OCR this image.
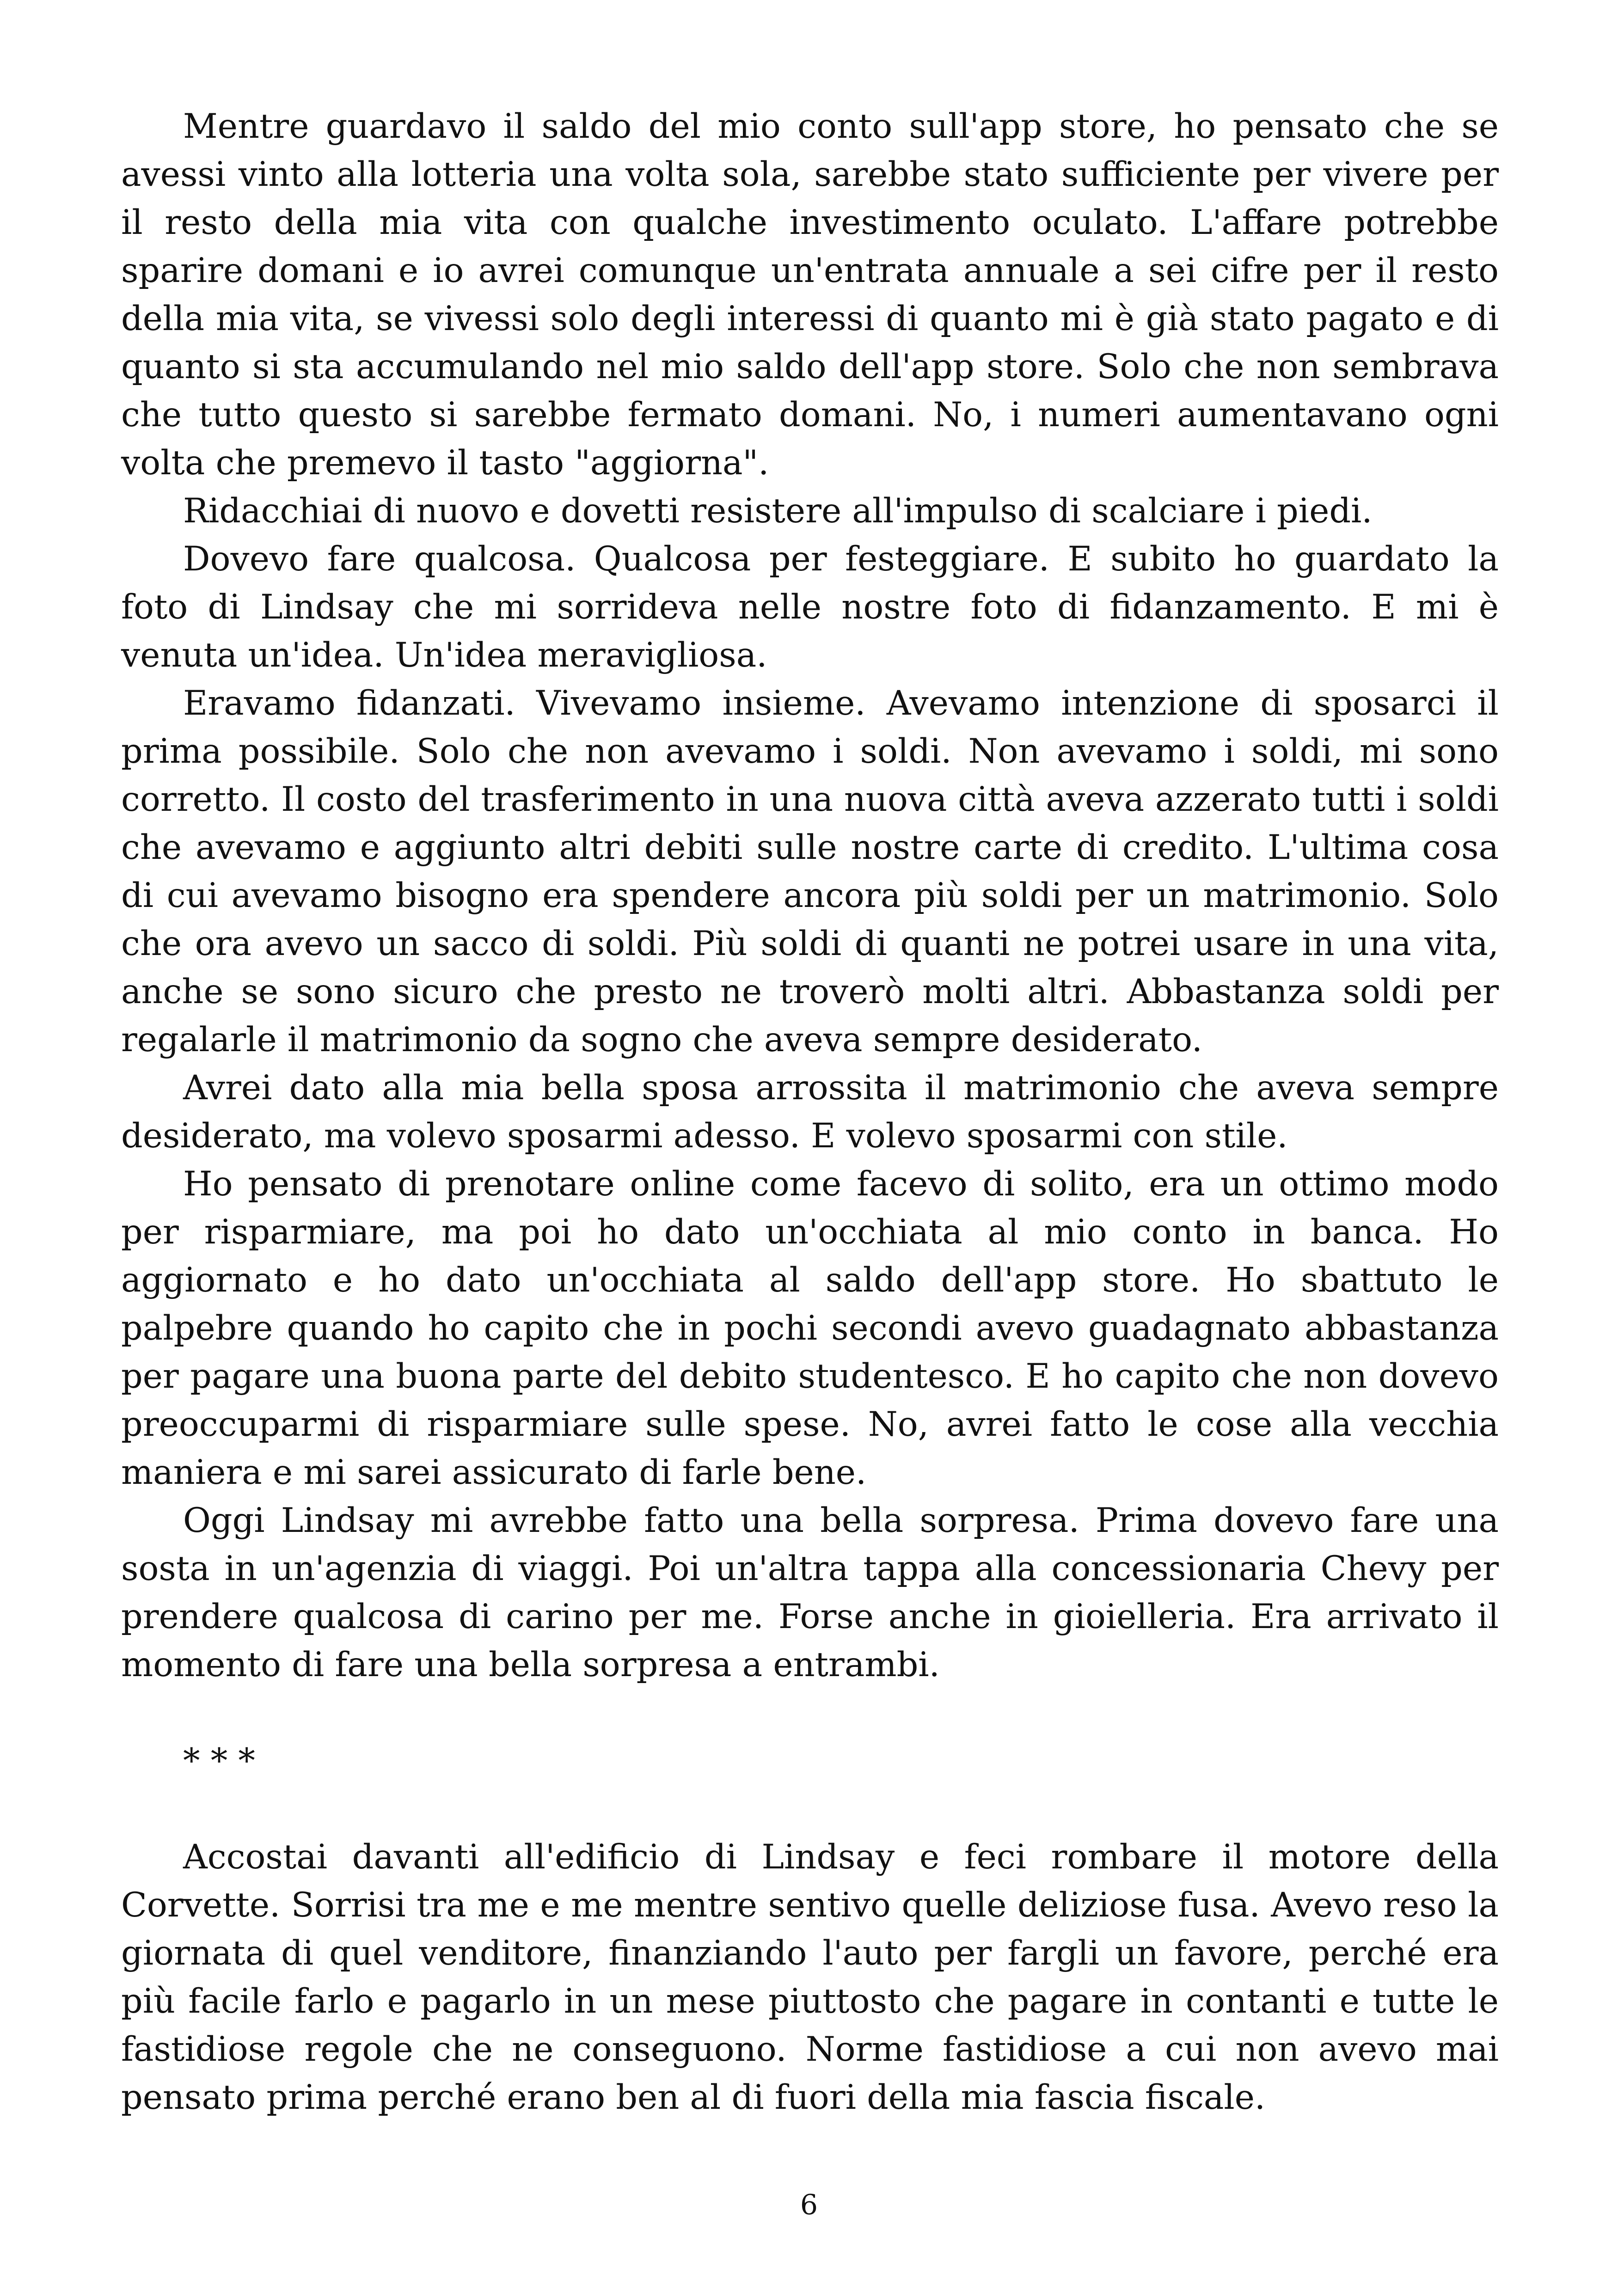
Mentre guardavo il saldo del mio conto sull'app store, ho pensato che se avessi vinto alla lotteria una volta sola, sarebbe stato sufficiente per vivere per il resto della mia vita con qualche investimento oculato. L'affare potrebbe sparire domani e io avrei comunque un'entrata annuale a sei cifre per il resto della mia vita, se vivessi solo degli interessi di quanto mi è già stato pagato e di quanto si sta accumulando nel mio saldo dell'app store. Solo che non sembrava che tutto questo si sarebbe fermato domani. No, i numeri aumentavano ogni volta che premevo il tasto "aggiorna".

Ridacchiai di nuovo e dovetti resistere all'impulso di scalciare i piedi.

Dovevo fare qualcosa. Qualcosa per festeggiare. E subito ho guardato la foto di Lindsay che mi sorrideva nelle nostre foto di fidanzamento. E mi è venuta un'idea. Un'idea meravigliosa.

Eravamo fidanzati. Vivevamo insieme. Avevamo intenzione di sposarci il prima possibile. Solo che non avevamo i soldi. Non avevamo i soldi, mi sono corretto. Il costo del trasferimento in una nuova città aveva azzerato tutti i soldi che avevamo e aggiunto altri debiti sulle nostre carte di credito. L'ultima cosa di cui avevamo bisogno era spendere ancora più soldi per un matrimonio. Solo che ora avevo un sacco di soldi. Più soldi di quanti ne potrei usare in una vita, anche se sono sicuro che presto ne troverò molti altri. Abbastanza soldi per regalarle il matrimonio da sogno che aveva sempre desiderato.

Avrei dato alla mia bella sposa arrossita il matrimonio che aveva sempre desiderato, ma volevo sposarmi adesso. E volevo sposarmi con stile.

Ho pensato di prenotare online come facevo di solito, era un ottimo modo per risparmiare, ma poi ho dato un'occhiata al mio conto in banca. Ho aggiornato e ho dato un'occhiata al saldo dell'app store. Ho sbattuto le palpebre quando ho capito che in pochi secondi avevo guadagnato abbastanza per pagare una buona parte del debito studentesco. E ho capito che non dovevo preoccuparmi di risparmiare sulle spese. No, avrei fatto le cose alla vecchia maniera e mi sarei assicurato di farle bene.

Oggi Lindsay mi avrebbe fatto una bella sorpresa. Prima dovevo fare una sosta in un'agenzia di viaggi. Poi un'altra tappa alla concessionaria Chevy per prendere qualcosa di carino per me. Forse anche in gioielleria. Era arrivato il momento di fare una bella sorpresa a entrambi.

* * *

Accostai davanti all'edificio di Lindsay e feci rombare il motore della Corvette. Sorrisi tra me e me mentre sentivo quelle deliziose fusa. Avevo reso la giornata di quel venditore, finanziando l'auto per fargli un favore, perché era più facile farlo e pagarlo in un mese piuttosto che pagare in contanti e tutte le fastidiose regole che ne conseguono. Norme fastidiose a cui non avevo mai pensato prima perché erano ben al di fuori della mia fascia fiscale.

6
